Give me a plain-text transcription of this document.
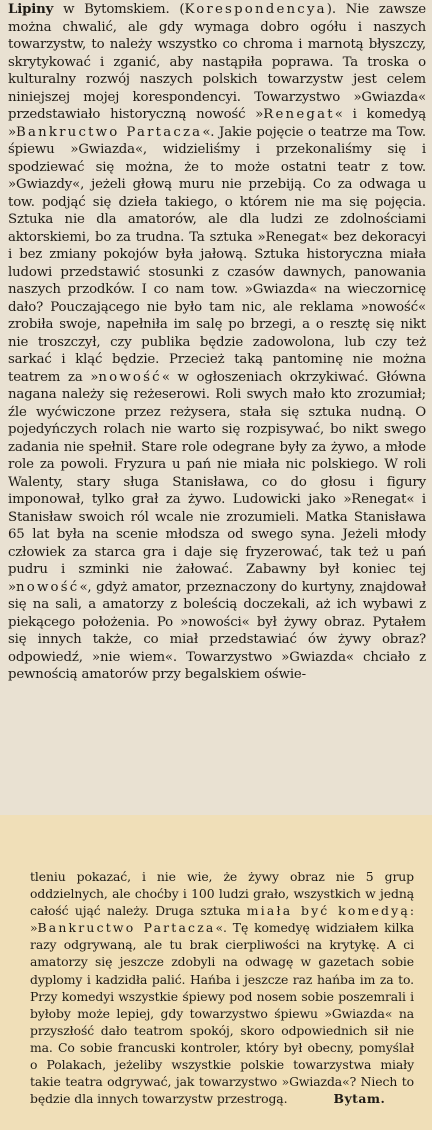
Lipiny w Bytomskiem. (Korespondencya). Nie zawsze można chwalić, ale gdy wymaga dobro ogółu i naszych towarzystw, to należy wszystko co chroma i marnotą błyszczy, skrytykować i zganić, aby nastąpiła poprawa. Ta troska o kulturalny rozwój naszych polskich towarzystw jest celem niniejszej mojej korespondencyi. Towarzystwo »Gwiazda« przedstawiało historyczną nowość »Renegat« i komedyą »Bankructwo Partacza«. Jakie pojęcie o teatrze ma Tow. śpiewu »Gwiazda«, widzieliśmy i przekonaliśmy się i spodziewać się można, że to może ostatni teatr z tow. »Gwiazdy«, jeżeli głową muru nie przebiją. Co za odwaga u tow. podjąć się dzieła takiego, o którem nie ma się pojęcia. Sztuka nie dla amatorów, ale dla ludzi ze zdolnościami aktorskiemi, bo za trudna. Ta sztuka »Renegat« bez dekoracyi i bez zmiany pokojów była jałową. Sztuka historyczna miała ludowi przedstawić stosunki z czasów dawnych, panowania naszych przodków. I co nam tow. »Gwiazda« na wieczornicę dało? Pouczającego nie było tam nic, ale reklama »nowość« zrobiła swoje, napełniła im salę po brzegi, a o resztę się nikt nie troszczył, czy publika będzie zadowolona, lub czy też sarkać i kląć będzie. Przecież taką pantominę nie można teatrem za »nowość« w ogłoszeniach okrzykiwać. Główna nagana należy się reżeserowi. Roli swych mało kto zrozumiał; źle wyćwiczone przez reżysera, stała się sztuka nudną. O pojedyńczych rolach nie warto się rozpisywać, bo nikt swego zadania nie spełnił. Stare role odegrane były za żywo, a młode role za powoli. Fryzura u pań nie miała nic polskiego. W roli Walenty, stary sługa Stanisława, co do głosu i figury imponował, tylko grał za żywo. Ludowicki jako »Renegat« i Stanisław swoich ról wcale nie zrozumieli. Matka Stanisława 65 lat była na scenie młodsza od swego syna. Jeżeli młody człowiek za starca gra i daje się fryzerować, tak też u pań pudru i szminki nie żałować. Zabawny był koniec tej »nowość«, gdyż amator, przeznaczony do kurtyny, znajdował się na sali, a amatorzy z boleścią doczekali, aż ich wybawi z piekącego położenia. Po »nowości« był żywy obraz. Pytałem się innych także, co miał przedstawiać ów żywy obraz? odpowiedź, »nie wiem«. Towarzystwo »Gwiazda« chciało z pewnością amatorów przy begalskiem oświe-

tleniu pokazać, i nie wie, że żywy obraz nie 5 grup oddzielnych, ale choćby i 100 ludzi grało, wszystkich w jedną całość ująć należy. Druga sztuka miała być komedyą: »Bankructwo Partacza«. Tę komedyę widziałem kilka razy odgrywaną, ale tu brak cierpliwości na krytykę. A ci amatorzy się jeszcze zdobyli na odwagę w gazetach sobie dyplomy i kadzidła palić. Hańba i jeszcze raz hańba im za to. Przy komedyi wszystkie śpiewy pod nosem sobie poszemrali i byłoby może lepiej, gdy towarzystwo śpiewu »Gwiazda« na przyszłość dało teatrom spokój, skoro odpowiednich sił nie ma. Co sobie francuski kontroler, który był obecny, pomyślał o Polakach, jeżeliby wszystkie polskie towarzystwa miały takie teatra odgrywać, jak towarzystwo »Gwiazda«? Niech to będzie dla innych towarzystw przestrogą.	Bytam.
